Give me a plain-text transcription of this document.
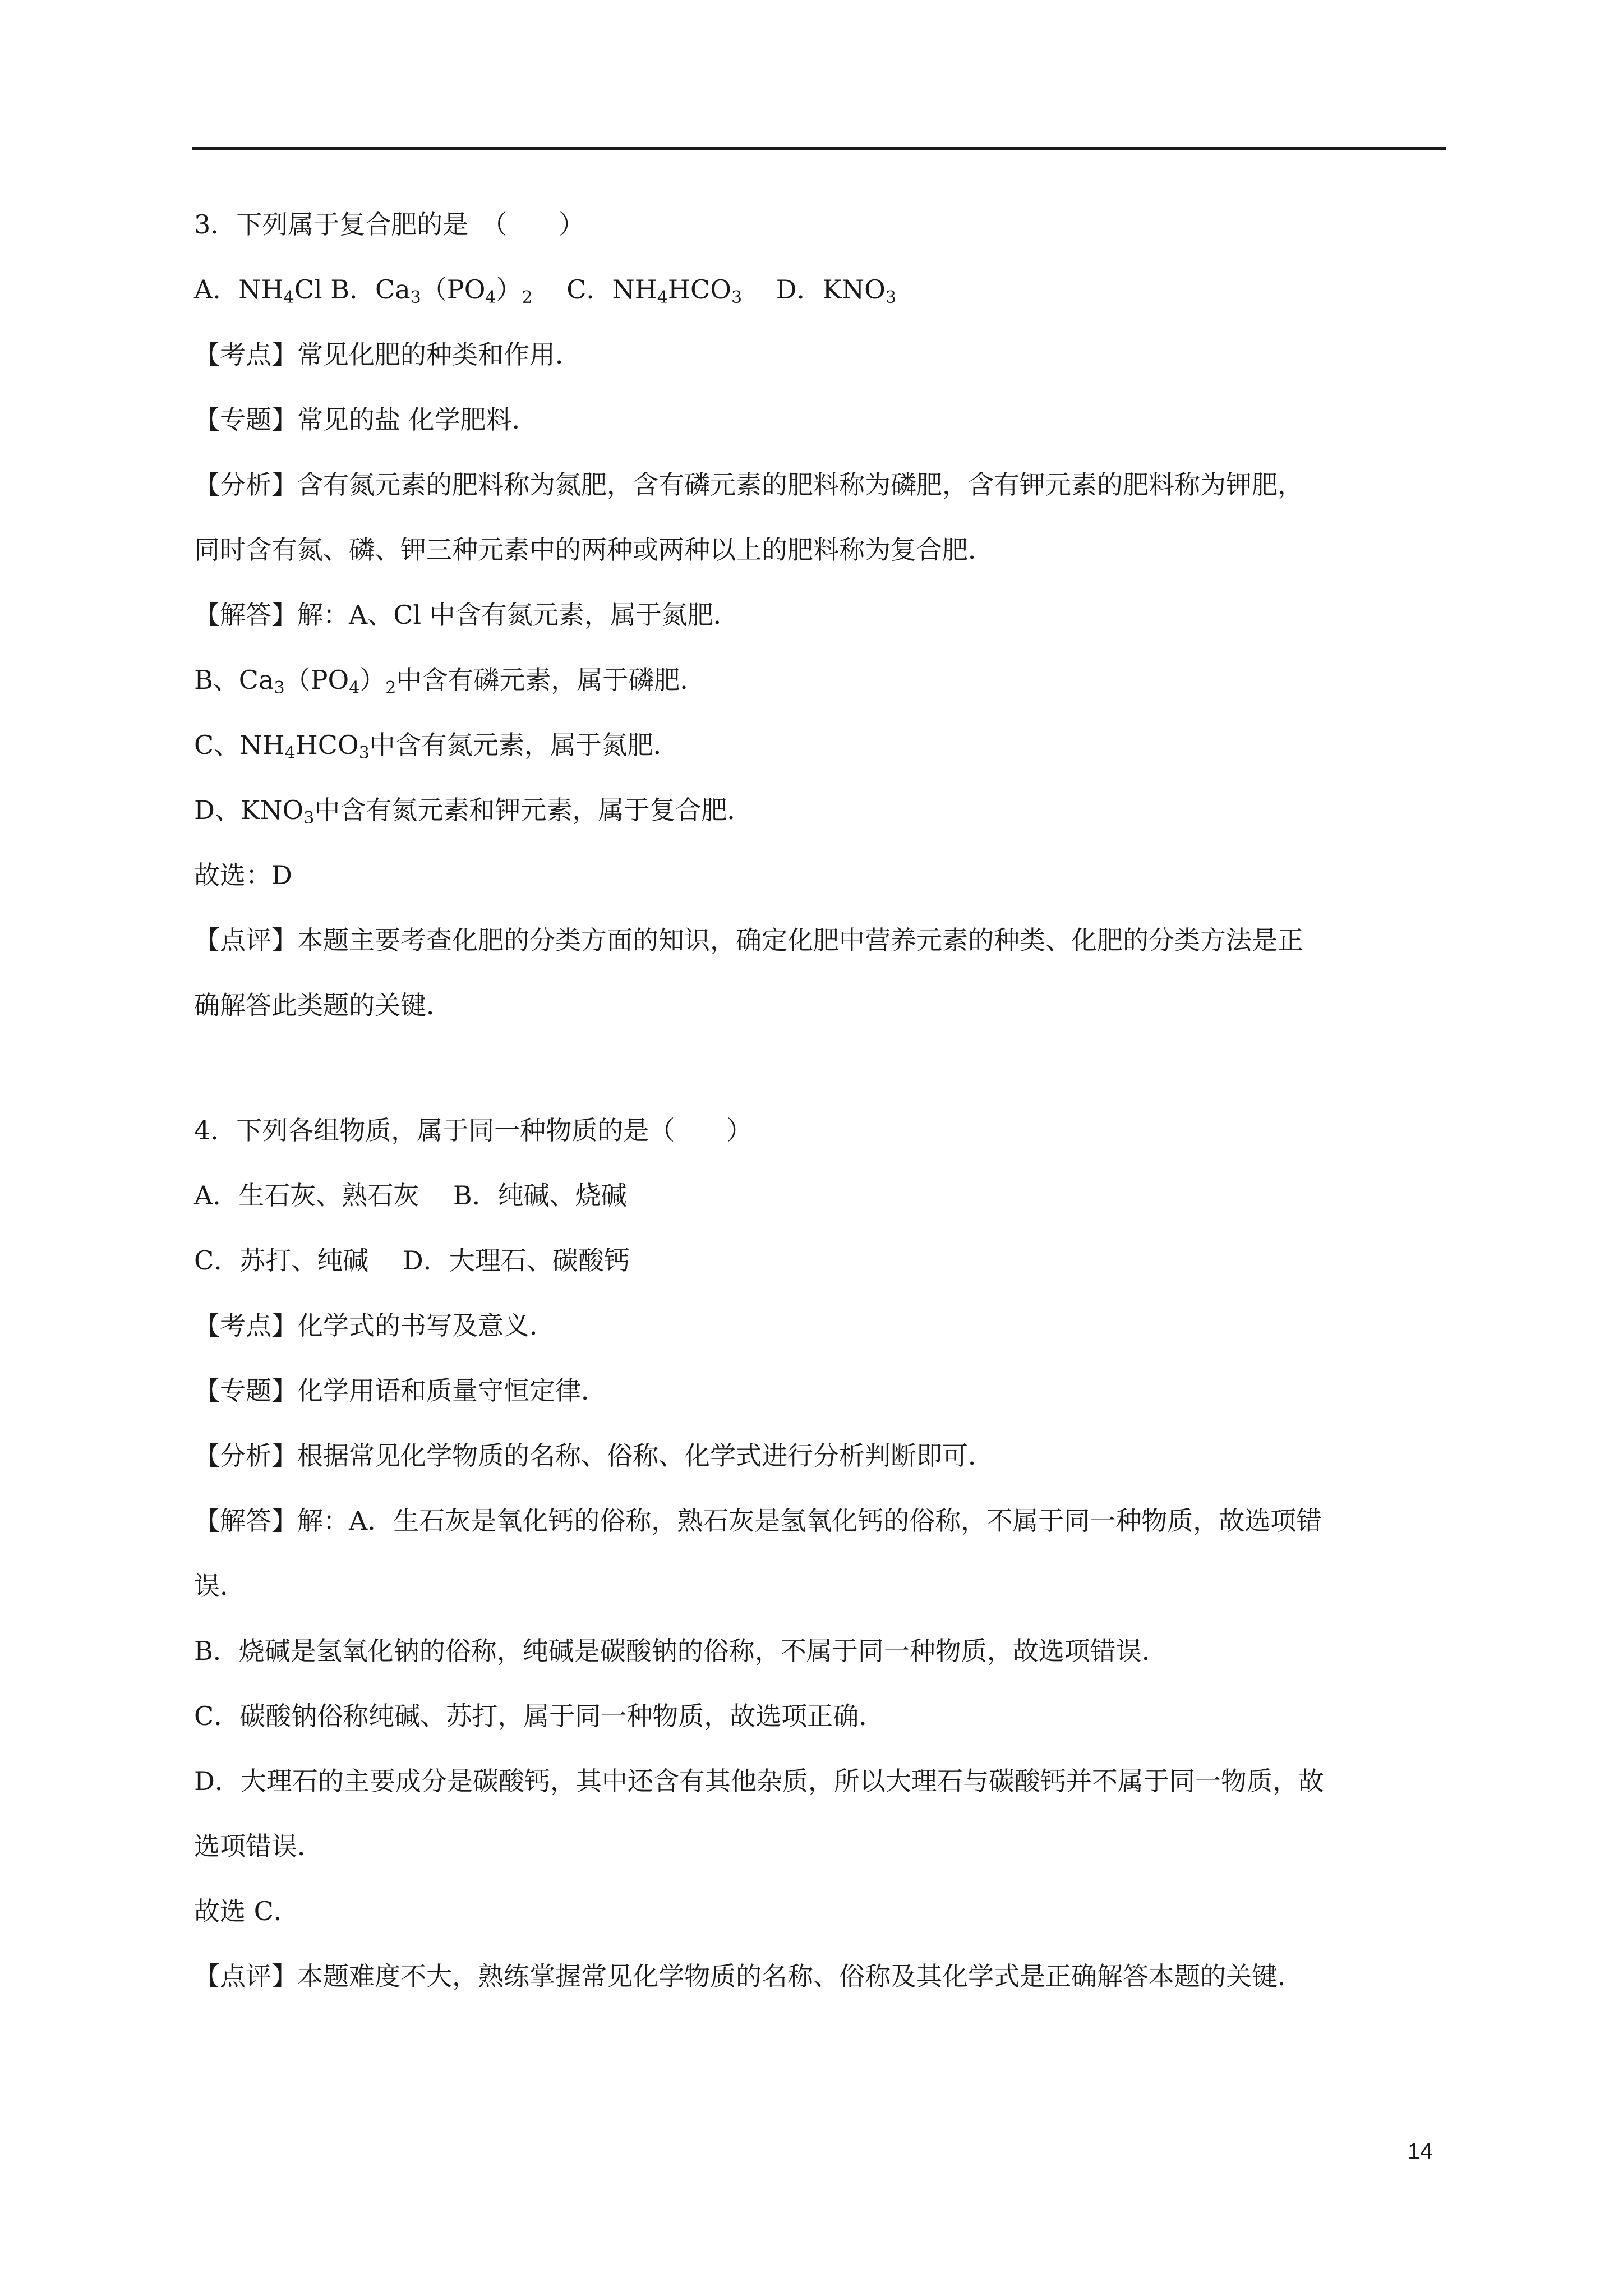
3．下列属于复合肥的是　（　　）
A．$NH_4Cl$ B．$Ca_3(PO_4)_2$　 C．$NH_4HCO_3$　 D．$KNO_3$
【考点】常见化肥的种类和作用．
【专题】常见的盐 化学肥料．
【分析】含有氮元素的肥料称为氮肥，含有磷元素的肥料称为磷肥，含有钾元素的肥料称为钾肥，
同时含有氮、磷、钾三种元素中的两种或两种以上的肥料称为复合肥．
【解答】解：A、Cl 中含有氮元素，属于氮肥．
B、$Ca_3(PO_4)_2$中含有磷元素，属于磷肥．
C、$NH_4HCO_3$中含有氮元素，属于氮肥．
D、$KNO_3$中含有氮元素和钾元素，属于复合肥．
故选：D
【点评】本题主要考查化肥的分类方面的知识，确定化肥中营养元素的种类、化肥的分类方法是正
确解答此类题的关键．
4．下列各组物质，属于同一种物质的是（　　）
A．生石灰、熟石灰　 B．纯碱、烧碱
C．苏打、纯碱　 D．大理石、碳酸钙
【考点】化学式的书写及意义．
【专题】化学用语和质量守恒定律．
【分析】根据常见化学物质的名称、俗称、化学式进行分析判断即可．
【解答】解：A．生石灰是氧化钙的俗称，熟石灰是氢氧化钙的俗称，不属于同一种物质，故选项错
误．
B．烧碱是氢氧化钠的俗称，纯碱是碳酸钠的俗称，不属于同一种物质，故选项错误．
C．碳酸钠俗称纯碱、苏打，属于同一种物质，故选项正确．
D．大理石的主要成分是碳酸钙，其中还含有其他杂质，所以大理石与碳酸钙并不属于同一物质，故
选项错误．
故选 C．
【点评】本题难度不大，熟练掌握常见化学物质的名称、俗称及其化学式是正确解答本题的关键．
14
